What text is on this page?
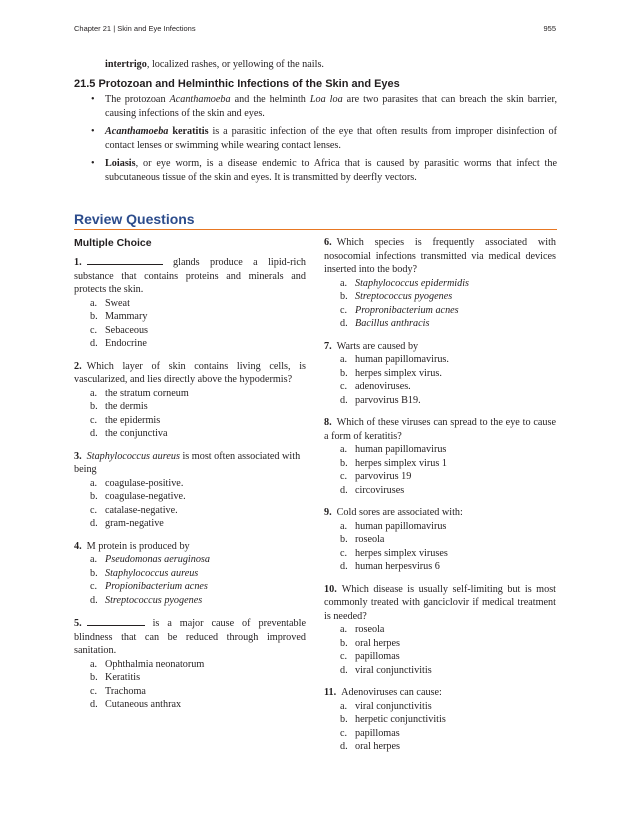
Chapter 21 | Skin and Eye Infections	955
intertrigo, localized rashes, or yellowing of the nails.
21.5 Protozoan and Helminthic Infections of the Skin and Eyes
• The protozoan Acanthamoeba and the helminth Loa loa are two parasites that can breach the skin barrier, causing infections of the skin and eyes.
• Acanthamoeba keratitis is a parasitic infection of the eye that often results from improper disinfection of contact lenses or swimming while wearing contact lenses.
• Loiasis, or eye worm, is a disease endemic to Africa that is caused by parasitic worms that infect the subcutaneous tissue of the skin and eyes. It is transmitted by deerfly vectors.
Review Questions
Multiple Choice
1.	glands produce a lipid-rich substance that contains proteins and minerals and protects the skin.
a. Sweat
b. Mammary
c. Sebaceous
d. Endocrine
2. Which layer of skin contains living cells, is vascularized, and lies directly above the hypodermis?
a. the stratum corneum
b. the dermis
c. the epidermis
d. the conjunctiva
3. Staphylococcus aureus is most often associated with being
a. coagulase-positive.
b. coagulase-negative.
c. catalase-negative.
d. gram-negative
4. M protein is produced by
a. Pseudomonas aeruginosa
b. Staphylococcus aureus
c. Propionibacterium acnes
d. Streptococcus pyogenes
5.	is a major cause of preventable blindness that can be reduced through improved sanitation.
a. Ophthalmia neonatorum
b. Keratitis
c. Trachoma
d. Cutaneous anthrax
6. Which species is frequently associated with nosocomial infections transmitted via medical devices inserted into the body?
a. Staphylococcus epidermidis
b. Streptococcus pyogenes
c. Propronibacterium acnes
d. Bacillus anthracis
7. Warts are caused by
a. human papillomavirus.
b. herpes simplex virus.
c. adenoviruses.
d. parvovirus B19.
8. Which of these viruses can spread to the eye to cause a form of keratitis?
a. human papillomavirus
b. herpes simplex virus 1
c. parvovirus 19
d. circoviruses
9. Cold sores are associated with:
a. human papillomavirus
b. roseola
c. herpes simplex viruses
d. human herpesvirus 6
10. Which disease is usually self-limiting but is most commonly treated with ganciclovir if medical treatment is needed?
a. roseola
b. oral herpes
c. papillomas
d. viral conjunctivitis
11. Adenoviruses can cause:
a. viral conjunctivitis
b. herpetic conjunctivitis
c. papillomas
d. oral herpes
